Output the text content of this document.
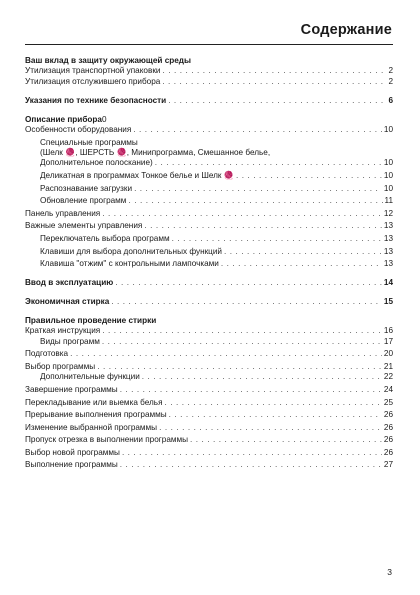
Содержание
Ваш вклад в защиту окружающей среды
Утилизация транспортной упаковки . . .	2
Утилизация отслужившего прибора . . .	2
Указания по технике безопасности . . .	6
Описание прибора0
Особенности оборудования . . .	10
Специальные программы
(Шелк 🧶, ШЕРСТЬ 🧶, Минипрограмма, Смешанное белье,
Дополнительное полоскание) . . .	10
Деликатная в программах Тонкое белье и Шелк 🧶 . . .	10
Распознавание загрузки . . .	10
Обновление программ . . .	11
Панель управления . . .	12
Важные элементы управления . . .	13
Переключатель выбора программ . . .	13
Клавиши для выбора дополнительных функций . . .	13
Клавиша "отжим" с контрольными лампочками . . .	13
Ввод в эксплуатацию . . .	14
Экономичная стирка . . .	15
Правильное проведение стирки
Краткая инструкция . . .	16
Виды программ . . .	17
Подготовка . . .	20
Выбор программы . . .	21
Дополнительные функции . . .	22
Завершение программы . . .	24
Перекладывание или выемка белья . . .	25
Прерывание выполнения программы . . .	26
Изменение выбранной программы . . .	26
Пропуск отрезка в выполнении программы . . .	26
Выбор новой программы . . .	26
Выполнение программы . . .	27
3
